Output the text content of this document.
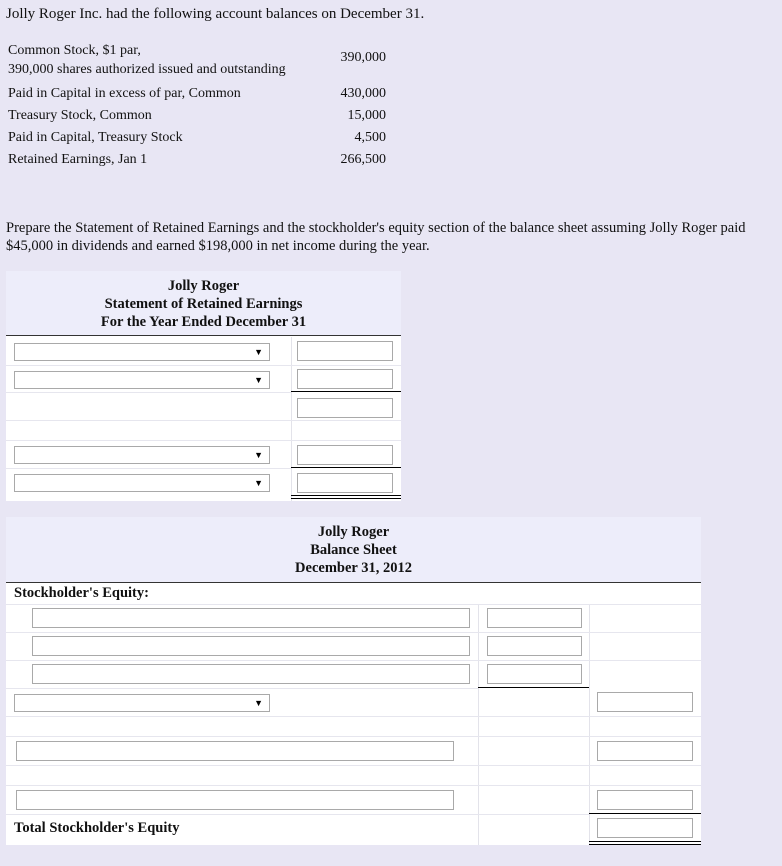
Jolly Roger Inc. had the following account balances on December 31.
Common Stock, $1 par,
390,000 shares authorized issued and outstanding
390,000
Paid in Capital in excess of par, Common	430,000
Treasury Stock, Common	15,000
Paid in Capital, Treasury Stock	4,500
Retained Earnings, Jan 1	266,500
Prepare the Statement of Retained Earnings and the stockholder's equity section of the balance sheet assuming Jolly Roger paid $45,000 in dividends and earned $198,000 in net income during the year.
Jolly Roger
Statement of Retained Earnings
For the Year Ended December 31
▼
▼
▼
▼
Jolly Roger
Balance Sheet
December 31, 2012
Stockholder's Equity:
▼
Total Stockholder's Equity
